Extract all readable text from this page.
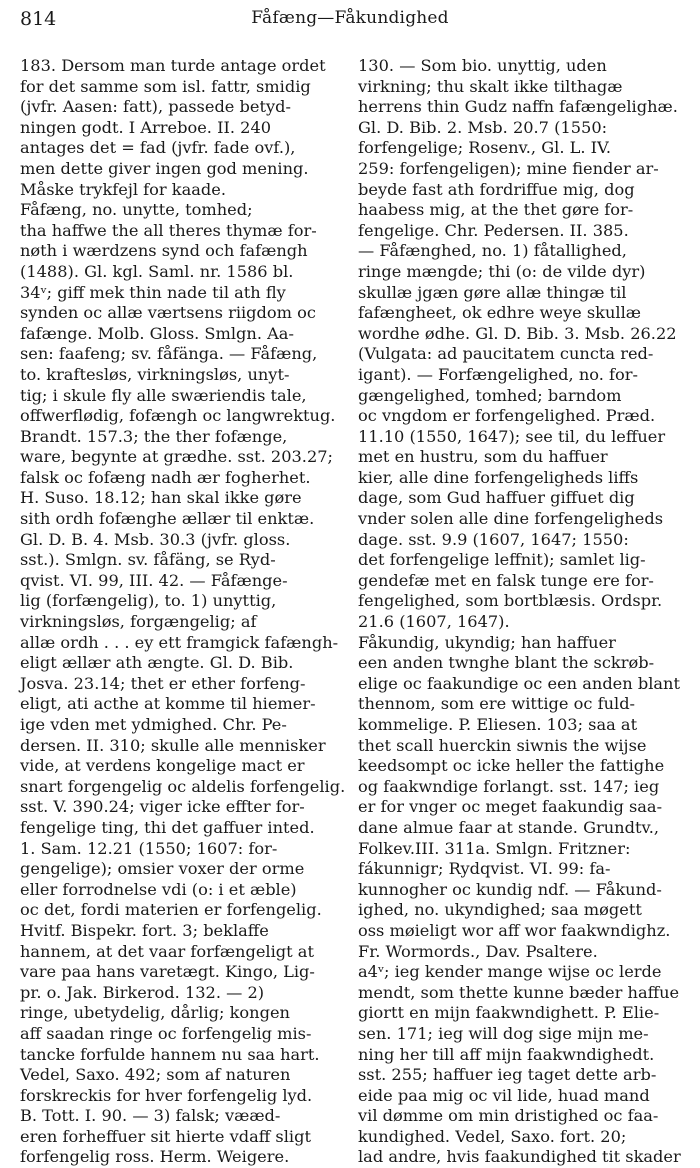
814	Fåfæng—Fåkundighed

183. Dersom man turde antage ordet
for det samme som isl. fattr, smidig
(jvfr. Aasen: fatt), passede betyd-
ningen godt. I Arreboe. II. 240
antages det = fad (jvfr. fade ovf.),
men dette giver ingen god mening.
Måske trykfejl for kaade.
Fåfæng, no. unytte, tomhed;
tha haffwe the all theres thymæ for-
nøth i wærdzens synd och fafængh
(1488). Gl. kgl. Saml. nr. 1586 bl.
34ᵛ; giff mek thin nade til ath fly
synden oc allæ værtsens riigdom oc
fafænge. Molb. Gloss. Smlgn. Aa-
sen: faafeng; sv. fåfänga. — Fåfæng,
to. kraftesløs, virkningsløs, unyt-
tig; i skule fly alle swæriendis tale,
offwerflødig, fofængh oc langwrektug.
Brandt. 157.3; the ther fofænge,
ware, begynte at grædhe. sst. 203.27;
falsk oc fofæng nadh ær fogherhet.
H. Suso. 18.12; han skal ikke gøre
sith ordh fofænghe ællær til enktæ.
Gl. D. B. 4. Msb. 30.3 (jvfr. gloss.
sst.). Smlgn. sv. fåfäng, se Ryd-
qvist. VI. 99, III. 42. — Fåfænge-
lig (forfængelig), to. 1) unyttig,
virkningsløs, forgængelig; af
allæ ordh . . . ey ett framgick fafængh-
eligt ællær ath ængte. Gl. D. Bib.
Josva. 23.14; thet er ether forfeng-
eligt, ati acthe at komme til hiemer-
ige vden met ydmighed. Chr. Pe-
dersen. II. 310; skulle alle mennisker
vide, at verdens kongelige mact er
snart forgengelig oc aldelis forfengelig.
sst. V. 390.24; viger icke effter for-
fengelige ting, thi det gaffuer inted.
1. Sam. 12.21 (1550; 1607: for-
gengelige); omsier voxer der orme
eller forrodnelse vdi (o: i et æble)
oc det, fordi materien er forfengelig.
Hvitf. Bispekr. fort. 3; beklaffe
hannem, at det vaar forfængeligt at
vare paa hans varetægt. Kingo, Lig-
pr. o. Jak. Birkerod. 132. — 2)
ringe, ubetydelig, dårlig; kongen
aff saadan ringe oc forfengelig mis-
tancke forfulde hannem nu saa hart.
Vedel, Saxo. 492; som af naturen
forskreckis for hver forfengelig lyd.
B. Tott. I. 90. — 3) falsk; vææd-
eren forheffuer sit hierte vdaff sligt
forfengelig ross. Herm. Weigere.

130. — Som bio. unyttig, uden
virkning; thu skalt ikke tilthagæ
herrens thin Gudz naffn fafængelighæ.
Gl. D. Bib. 2. Msb. 20.7 (1550:
forfengelige; Rosenv., Gl. L. IV.
259: forfengeligen); mine fiender ar-
beyde fast ath fordriffue mig, dog
haabess mig, at the thet gøre for-
fengelige. Chr. Pedersen. II. 385.
— Fåfænghed, no. 1) fåtallighed,
ringe mængde; thi (o: de vilde dyr)
skullæ jgæn gøre allæ thingæ til
fafængheet, ok edhre weye skullæ
wordhe ødhe. Gl. D. Bib. 3. Msb. 26.22
(Vulgata: ad paucitatem cuncta red-
igant). — Forfængelighed, no. for-
gængelighed, tomhed; barndom
oc vngdom er forfengelighed. Præd.
11.10 (1550, 1647); see til, du leffuer
met en hustru, som du haffuer
kier, alle dine forfengeligheds liffs
dage, som Gud haffuer giffuet dig
vnder solen alle dine forfengeligheds
dage. sst. 9.9 (1607, 1647; 1550:
det forfengelige leffnit); samlet lig-
gendefæ met en falsk tunge ere for-
fengelighed, som bortblæsis. Ordspr.
21.6 (1607, 1647).
Fåkundig, ukyndig; han haffuer
een anden twnghe blant the sckrøb-
elige oc faakundige oc een anden blant
thennom, som ere wittige oc fuld-
kommelige. P. Eliesen. 103; saa at
thet scall huerckin siwnis the wijse
keedsompt oc icke heller the fattighe
og faakwndige forlangt. sst. 147; ieg
er for vnger oc meget faakundig saa-
dane almue faar at stande. Grundtv.,
Folkev.III. 311a. Smlgn. Fritzner:
fákunnigr; Rydqvist. VI. 99: fa-
kunnogher oc kundig ndf. — Fåkund-
ighed, no. ukyndighed; saa møgett
oss møieligt wor aff wor faakwndighz.
Fr. Wormords., Dav. Psaltere.
a4ᵛ; ieg kender mange wijse oc lerde
mendt, som thette kunne bæder haffue
giortt en mijn faakwndighett. P. Elie-
sen. 171; ieg will dog sige mijn me-
ning her till aff mijn faakwndighedt.
sst. 255; haffuer ieg taget dette arb-
eide paa mig oc vil lide, huad mand
vil dømme om min dristighed oc faa-
kundighed. Vedel, Saxo. fort. 20;
lad andre, hvis faakundighed tit skader
